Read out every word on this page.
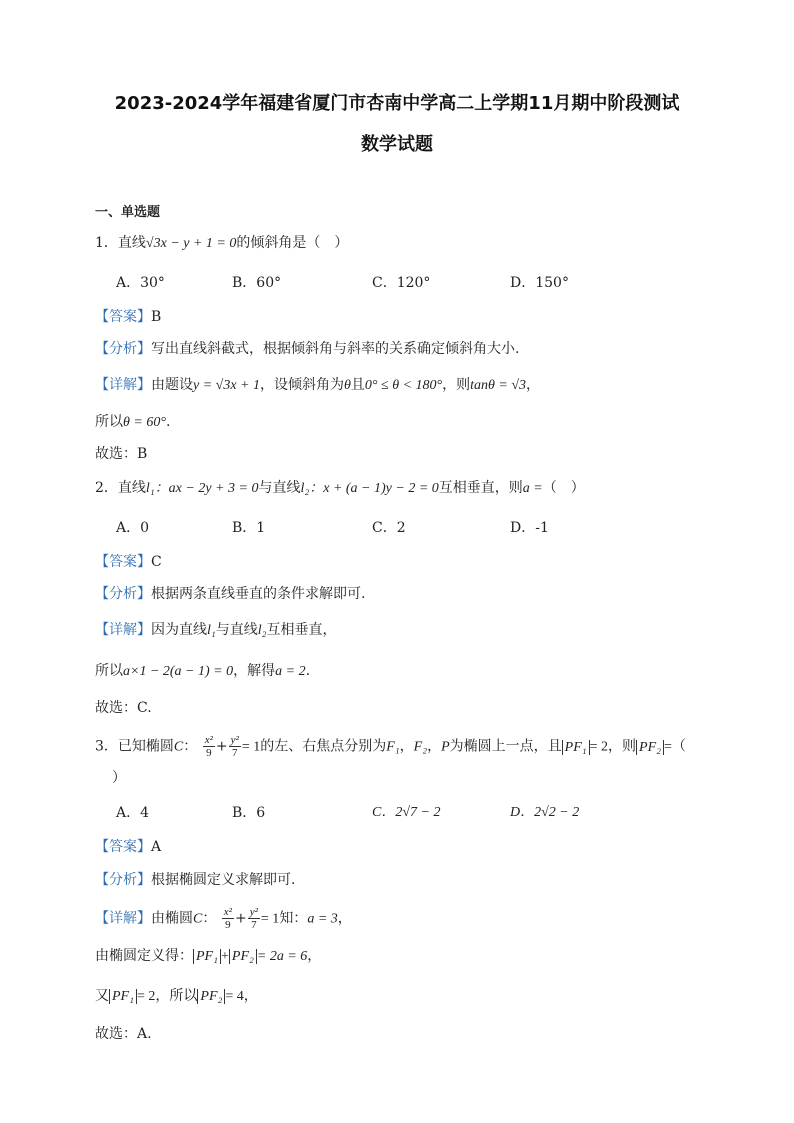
2023-2024学年福建省厦门市杏南中学高二上学期11月期中阶段测试
数学试题
一、单选题
1．直线√3x − y + 1 = 0的倾斜角是（　）
A．30°	B．60°	C．120°	D．150°
【答案】B
【分析】写出直线斜截式，根据倾斜角与斜率的关系确定倾斜角大小.
【详解】由题设y = √3x + 1，设倾斜角为θ且0° ≤ θ < 180°，则tanθ = √3，
所以θ = 60°.
故选：B
2．直线l₁：ax − 2y + 3 = 0与直线l₂：x + (a − 1)y − 2 = 0互相垂直，则a =（　）
A．0	B．1	C．2	D．-1
【答案】C
【分析】根据两条直线垂直的条件求解即可.
【详解】因为直线l₁与直线l₂互相垂直，
所以a×1 − 2(a − 1) = 0，解得a = 2.
故选：C.
3．已知椭圆C： $\frac{\text{x²}}{9} + \frac{\text{y²}}{7} = 1$的左、右焦点分别为F₁，F₂，P为椭圆上一点，且 PF₁ = 2，则 PF₂ =（
）
A．4	B．6	C．2√7 − 2	D．2√2 − 2
【答案】A
【分析】根据椭圆定义求解即可.
【详解】由椭圆C： $\frac{\text{x²}}{9} + \frac{\text{y²}}{7} = 1$知：a = 3，
由椭圆定义得： PF₁ + PF₂ = 2a = 6，
又 PF₁ = 2，所以 PF₂ = 4，
故选：A.
